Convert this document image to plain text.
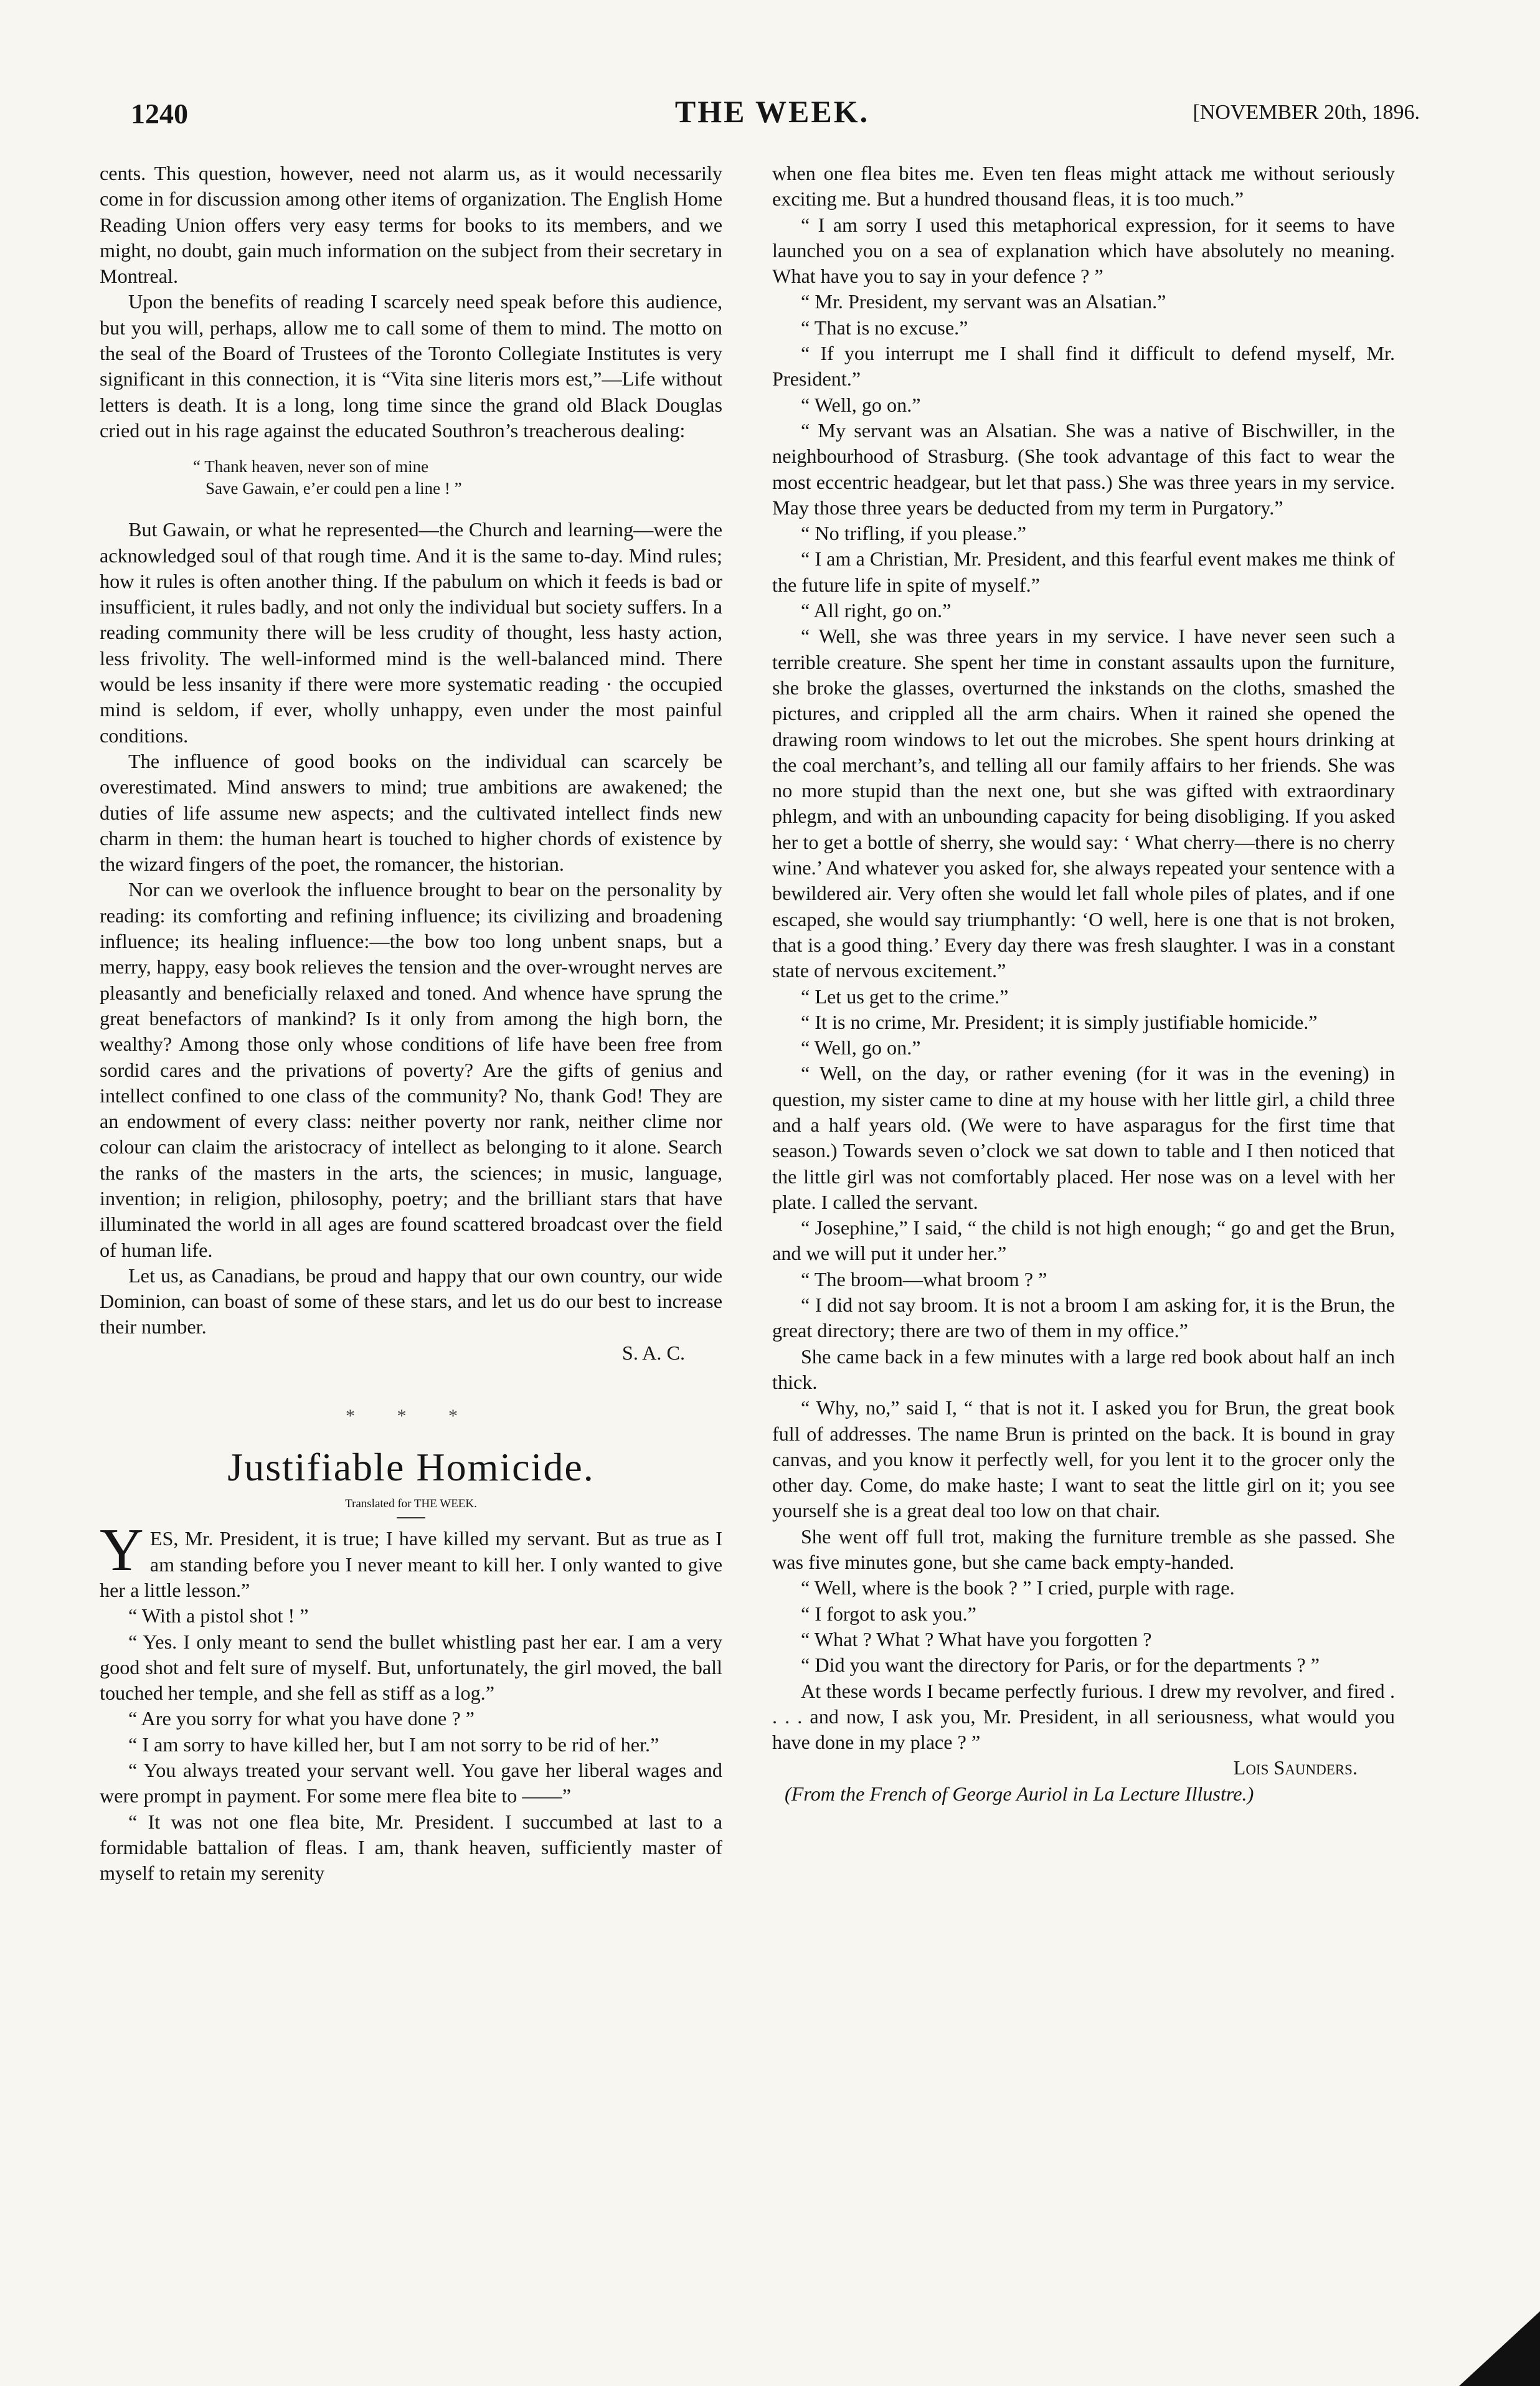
1240	THE WEEK.	[NOVEMBER 20th, 1896.

cents. This question, however, need not alarm us, as it would necessarily come in for discussion among other items of organization. The English Home Reading Union offers very easy terms for books to its members, and we might, no doubt, gain much information on the subject from their secretary in Montreal.

Upon the benefits of reading I scarcely need speak before this audience, but you will, perhaps, allow me to call some of them to mind. The motto on the seal of the Board of Trustees of the Toronto Collegiate Institutes is very significant in this connection, it is “Vita sine literis mors est,”—Life without letters is death. It is a long, long time since the grand old Black Douglas cried out in his rage against the educated Southron’s treacherous dealing:

“ Thank heaven, never son of mine
Save Gawain, e’er could pen a line ! ”

But Gawain, or what he represented—the Church and learning—were the acknowledged soul of that rough time. And it is the same to-day. Mind rules; how it rules is often another thing. If the pabulum on which it feeds is bad or insufficient, it rules badly, and not only the individual but society suffers. In a reading community there will be less crudity of thought, less hasty action, less frivolity. The well-informed mind is the well-balanced mind. There would be less insanity if there were more systematic reading · the occupied mind is seldom, if ever, wholly unhappy, even under the most painful conditions.

The influence of good books on the individual can scarcely be overestimated. Mind answers to mind; true ambitions are awakened; the duties of life assume new aspects; and the cultivated intellect finds new charm in them: the human heart is touched to higher chords of existence by the wizard fingers of the poet, the romancer, the historian.

Nor can we overlook the influence brought to bear on the personality by reading: its comforting and refining influence; its civilizing and broadening influence; its healing influence:—the bow too long unbent snaps, but a merry, happy, easy book relieves the tension and the over-wrought nerves are pleasantly and beneficially relaxed and toned. And whence have sprung the great benefactors of mankind? Is it only from among the high born, the wealthy? Among those only whose conditions of life have been free from sordid cares and the privations of poverty? Are the gifts of genius and intellect confined to one class of the community? No, thank God! They are an endowment of every class: neither poverty nor rank, neither clime nor colour can claim the aristocracy of intellect as belonging to it alone. Search the ranks of the masters in the arts, the sciences; in music, language, invention; in religion, philosophy, poetry; and the brilliant stars that have illuminated the world in all ages are found scattered broadcast over the field of human life.

Let us, as Canadians, be proud and happy that our own country, our wide Dominion, can boast of some of these stars, and let us do our best to increase their number.

S. A. C.

* * *
Justifiable Homicide.
Translated for THE WEEK.

Y ES, Mr. President, it is true; I have killed my servant. But as true as I am standing before you I never meant to kill her. I only wanted to give her a little lesson.”

“ With a pistol shot ! ”

“ Yes. I only meant to send the bullet whistling past her ear. I am a very good shot and felt sure of myself. But, unfortunately, the girl moved, the ball touched her temple, and she fell as stiff as a log.”

“ Are you sorry for what you have done ? ”

“ I am sorry to have killed her, but I am not sorry to be rid of her.”

“ You always treated your servant well. You gave her liberal wages and were prompt in payment. For some mere flea bite to ——”

“ It was not one flea bite, Mr. President. I succumbed at last to a formidable battalion of fleas. I am, thank heaven, sufficiently master of myself to retain my serenity

when one flea bites me. Even ten fleas might attack me without seriously exciting me. But a hundred thousand fleas, it is too much.”

“ I am sorry I used this metaphorical expression, for it seems to have launched you on a sea of explanation which have absolutely no meaning. What have you to say in your defence ? ”

“ Mr. President, my servant was an Alsatian.”

“ That is no excuse.”

“ If you interrupt me I shall find it difficult to defend myself, Mr. President.”

“ Well, go on.”

“ My servant was an Alsatian. She was a native of Bischwiller, in the neighbourhood of Strasburg. (She took advantage of this fact to wear the most eccentric headgear, but let that pass.) She was three years in my service. May those three years be deducted from my term in Purgatory.”

“ No trifling, if you please.”

“ I am a Christian, Mr. President, and this fearful event makes me think of the future life in spite of myself.”

“ All right, go on.”

“ Well, she was three years in my service. I have never seen such a terrible creature. She spent her time in constant assaults upon the furniture, she broke the glasses, overturned the inkstands on the cloths, smashed the pictures, and crippled all the arm chairs. When it rained she opened the drawing room windows to let out the microbes. She spent hours drinking at the coal merchant’s, and telling all our family affairs to her friends. She was no more stupid than the next one, but she was gifted with extraordinary phlegm, and with an unbounding capacity for being disobliging. If you asked her to get a bottle of sherry, she would say: ‘ What cherry—there is no cherry wine.’ And whatever you asked for, she always repeated your sentence with a bewildered air. Very often she would let fall whole piles of plates, and if one escaped, she would say triumphantly: ‘O well, here is one that is not broken, that is a good thing.’ Every day there was fresh slaughter. I was in a constant state of nervous excitement.”

“ Let us get to the crime.”

“ It is no crime, Mr. President; it is simply justifiable homicide.”

“ Well, go on.”

“ Well, on the day, or rather evening (for it was in the evening) in question, my sister came to dine at my house with her little girl, a child three and a half years old. (We were to have asparagus for the first time that season.) Towards seven o’clock we sat down to table and I then noticed that the little girl was not comfortably placed. Her nose was on a level with her plate. I called the servant.

“ Josephine,” I said, “ the child is not high enough; “ go and get the Brun, and we will put it under her.”

“ The broom—what broom ? ”

“ I did not say broom. It is not a broom I am asking for, it is the Brun, the great directory; there are two of them in my office.”

She came back in a few minutes with a large red book about half an inch thick.

“ Why, no,” said I, “ that is not it. I asked you for Brun, the great book full of addresses. The name Brun is printed on the back. It is bound in gray canvas, and you know it perfectly well, for you lent it to the grocer only the other day. Come, do make haste; I want to seat the little girl on it; you see yourself she is a great deal too low on that chair.

She went off full trot, making the furniture tremble as she passed. She was five minutes gone, but she came back empty-handed.

“ Well, where is the book ? ” I cried, purple with rage.

“ I forgot to ask you.”

“ What ? What ? What have you forgotten ?

“ Did you want the directory for Paris, or for the departments ? ”

At these words I became perfectly furious. I drew my revolver, and fired . . . . and now, I ask you, Mr. President, in all seriousness, what would you have done in my place ? ”

Lois Saunders.

(From the French of George Auriol in La Lecture Illustre.)
